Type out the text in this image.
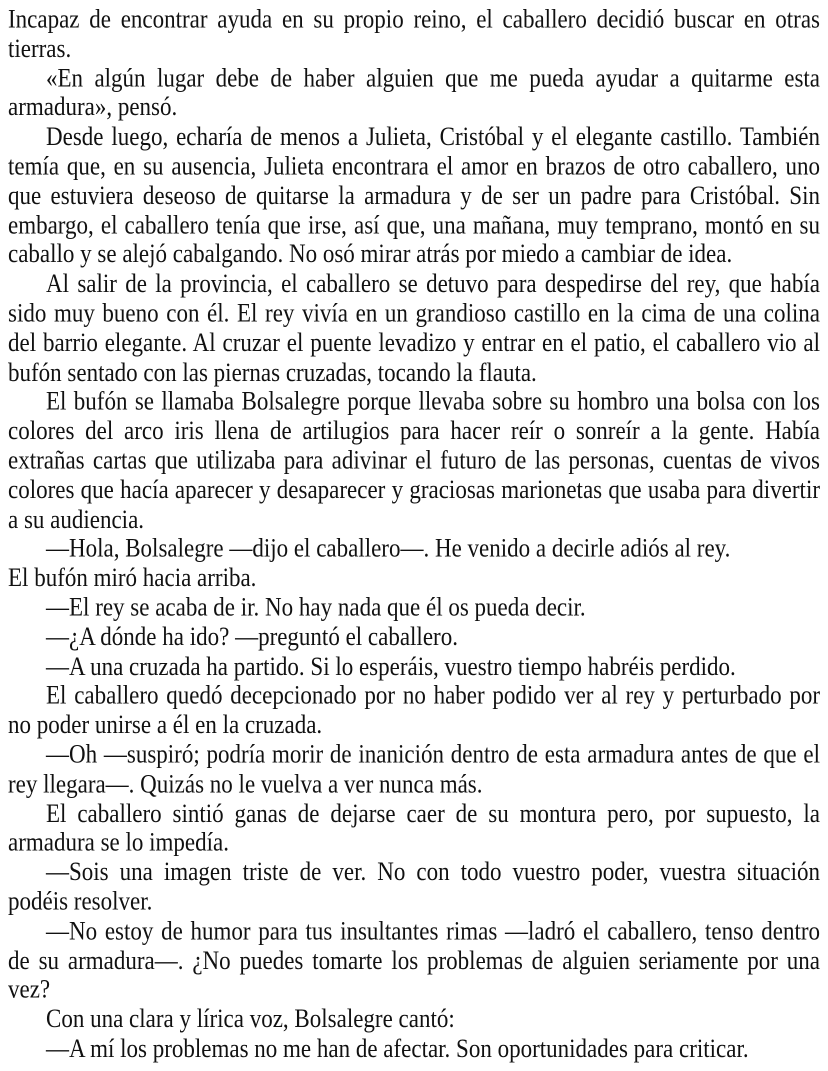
Incapaz de encontrar ayuda en su propio reino, el caballero decidió buscar en otras tierras.

«En algún lugar debe de haber alguien que me pueda ayudar a quitarme esta armadura», pensó.

Desde luego, echaría de menos a Julieta, Cristóbal y el elegante castillo. También temía que, en su ausencia, Julieta encontrara el amor en brazos de otro caballero, uno que estuviera deseoso de quitarse la armadura y de ser un padre para Cristóbal. Sin embargo, el caballero tenía que irse, así que, una mañana, muy temprano, montó en su caballo y se alejó cabalgando. No osó mirar atrás por miedo a cambiar de idea.

Al salir de la provincia, el caballero se detuvo para despedirse del rey, que había sido muy bueno con él. El rey vivía en un grandioso castillo en la cima de una colina del barrio elegante. Al cruzar el puente levadizo y entrar en el patio, el caballero vio al bufón sentado con las piernas cruzadas, tocando la flauta.

El bufón se llamaba Bolsalegre porque llevaba sobre su hombro una bolsa con los colores del arco iris llena de artilugios para hacer reír o sonreír a la gente. Había extrañas cartas que utilizaba para adivinar el futuro de las personas, cuentas de vivos colores que hacía aparecer y desaparecer y graciosas marionetas que usaba para divertir a su audiencia.

—Hola, Bolsalegre —dijo el caballero—. He venido a decirle adiós al rey.

El bufón miró hacia arriba.

—El rey se acaba de ir. No hay nada que él os pueda decir.

—¿A dónde ha ido? —preguntó el caballero.

—A una cruzada ha partido. Si lo esperáis, vuestro tiempo habréis perdido.

El caballero quedó decepcionado por no haber podido ver al rey y perturbado por no poder unirse a él en la cruzada.

—Oh —suspiró; podría morir de inanición dentro de esta armadura antes de que el rey llegara—. Quizás no le vuelva a ver nunca más.

El caballero sintió ganas de dejarse caer de su montura pero, por supuesto, la armadura se lo impedía.

—Sois una imagen triste de ver. No con todo vuestro poder, vuestra situación podéis resolver.

—No estoy de humor para tus insultantes rimas —ladró el caballero, tenso dentro de su armadura—. ¿No puedes tomarte los problemas de alguien seriamente por una vez?

Con una clara y lírica voz, Bolsalegre cantó:

—A mí los problemas no me han de afectar. Son oportunidades para criticar.
